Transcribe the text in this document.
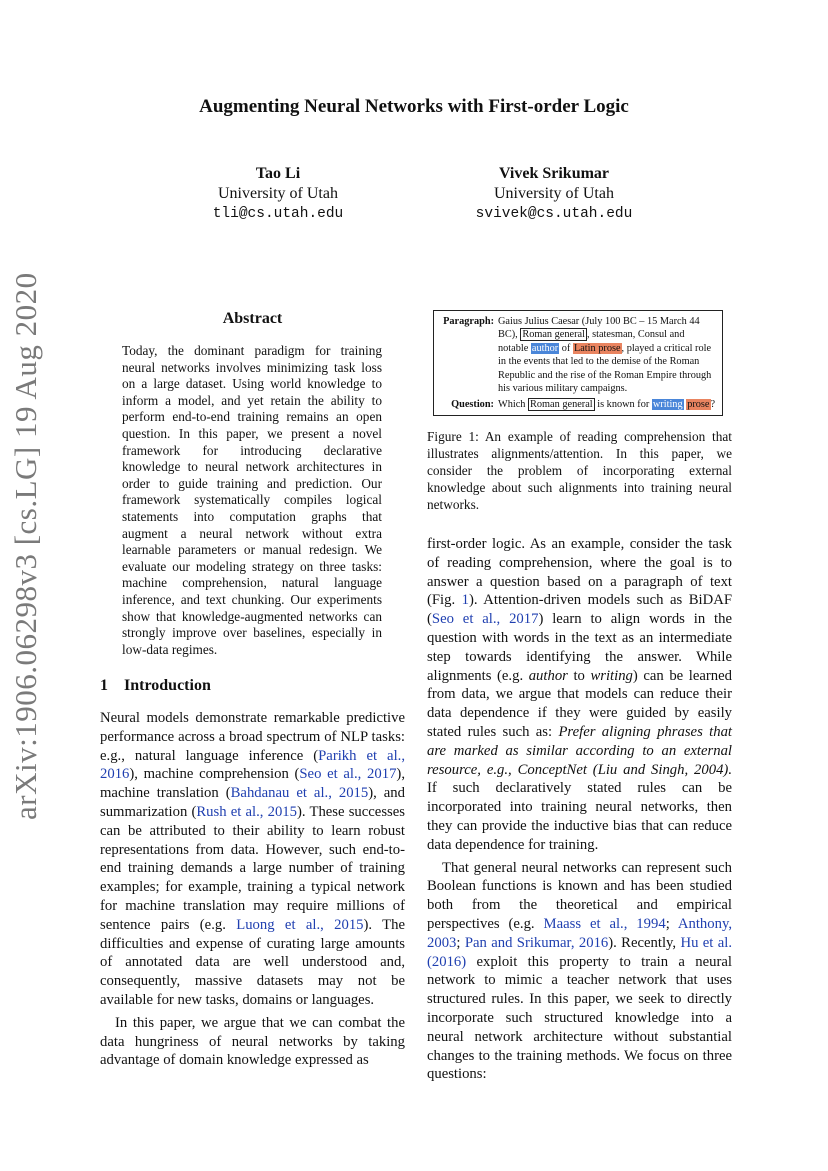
Augmenting Neural Networks with First-order Logic
Tao Li
University of Utah
tli@cs.utah.edu
Vivek Srikumar
University of Utah
svivek@cs.utah.edu
arXiv:1906.06298v3 [cs.LG] 19 Aug 2020	Abstract
Today, the dominant paradigm for training neural networks involves minimizing task loss on a large dataset. Using world knowledge to inform a model, and yet retain the ability to perform end-to-end training remains an open question. In this paper, we present a novel framework for introducing declarative knowledge to neural network architectures in order to guide training and prediction. Our framework systematically compiles logical statements into computation graphs that augment a neural network without extra learnable parameters or manual redesign. We evaluate our modeling strategy on three tasks: machine comprehension, natural language inference, and text chunking. Our experiments show that knowledge-augmented networks can strongly improve over baselines, especially in low-data regimes.
1 Introduction

Neural models demonstrate remarkable predictive performance across a broad spectrum of NLP tasks: e.g., natural language inference (Parikh et al., 2016), machine comprehension (Seo et al., 2017), machine translation (Bahdanau et al., 2015), and summarization (Rush et al., 2015). These successes can be attributed to their ability to learn robust representations from data. However, such end-to-end training demands a large number of training examples; for example, training a typical network for machine translation may require millions of sentence pairs (e.g. Luong et al., 2015). The difficulties and expense of curating large amounts of annotated data are well understood and, consequently, massive datasets may not be available for new tasks, domains or languages.

In this paper, we argue that we can combat the data hungriness of neural networks by taking advantage of domain knowledge expressed as

Paragraph: Gaius Julius Caesar (July 100 BC – 15 March 44 BC), Roman general , statesman, Consul and notable author of Latin prose, played a critical role in the events that led to the demise of the Roman Republic and the rise of the Roman Empire through his various military campaigns.
Question: Which Roman general is known for writing prose?
Figure 1: An example of reading comprehension that illustrates alignments/attention. In this paper, we consider the problem of incorporating external knowledge about such alignments into training neural networks.

first-order logic. As an example, consider the task of reading comprehension, where the goal is to answer a question based on a paragraph of text (Fig. 1). Attention-driven models such as BiDAF (Seo et al., 2017) learn to align words in the question with words in the text as an intermediate step towards identifying the answer. While alignments (e.g. author to writing) can be learned from data, we argue that models can reduce their data dependence if they were guided by easily stated rules such as: Prefer aligning phrases that are marked as similar according to an external resource, e.g., ConceptNet (Liu and Singh, 2004). If such declaratively stated rules can be incorporated into training neural networks, then they can provide the inductive bias that can reduce data dependence for training.

That general neural networks can represent such Boolean functions is known and has been studied both from the theoretical and empirical perspectives (e.g. Maass et al., 1994; Anthony, 2003; Pan and Srikumar, 2016). Recently, Hu et al. (2016) exploit this property to train a neural network to mimic a teacher network that uses structured rules. In this paper, we seek to directly incorporate such structured knowledge into a neural network architecture without substantial changes to the training methods. We focus on three questions:
